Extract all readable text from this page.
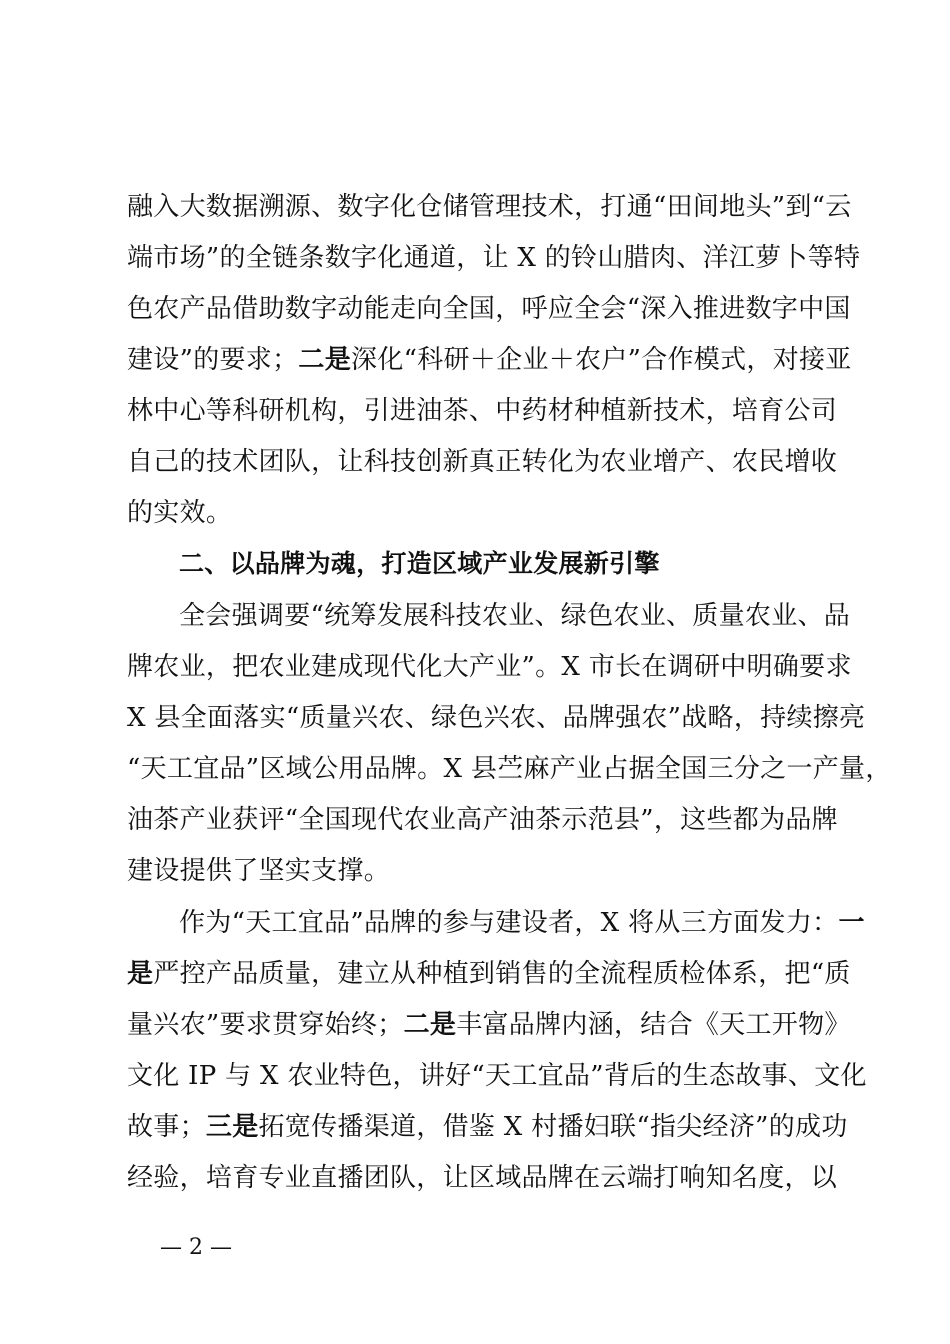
融入大数据溯源、数字化仓储管理技术，打通“田间地头”到“云
端市场”的全链条数字化通道，让 X 的铃山腊肉、洋江萝卜等特
色农产品借助数字动能走向全国，呼应全会“深入推进数字中国
建设”的要求；二是深化“科研＋企业＋农户”合作模式，对接亚
林中心等科研机构，引进油茶、中药材种植新技术，培育公司
自己的技术团队，让科技创新真正转化为农业增产、农民增收
的实效。
二、以品牌为魂，打造区域产业发展新引擎
全会强调要“统筹发展科技农业、绿色农业、质量农业、品
牌农业，把农业建成现代化大产业”。X 市长在调研中明确要求
X 县全面落实“质量兴农、绿色兴农、品牌强农”战略，持续擦亮
“天工宜品”区域公用品牌。X 县苎麻产业占据全国三分之一产量，
油茶产业获评“全国现代农业高产油茶示范县”，这些都为品牌
建设提供了坚实支撑。
作为“天工宜品”品牌的参与建设者，X 将从三方面发力：一
是严控产品质量，建立从种植到销售的全流程质检体系，把“质
量兴农”要求贯穿始终；二是丰富品牌内涵，结合《天工开物》
文化 IP 与 X 农业特色，讲好“天工宜品”背后的生态故事、文化
故事；三是拓宽传播渠道，借鉴 X 村播妇联“指尖经济”的成功
经验，培育专业直播团队，让区域品牌在云端打响知名度，以
— 2 —
